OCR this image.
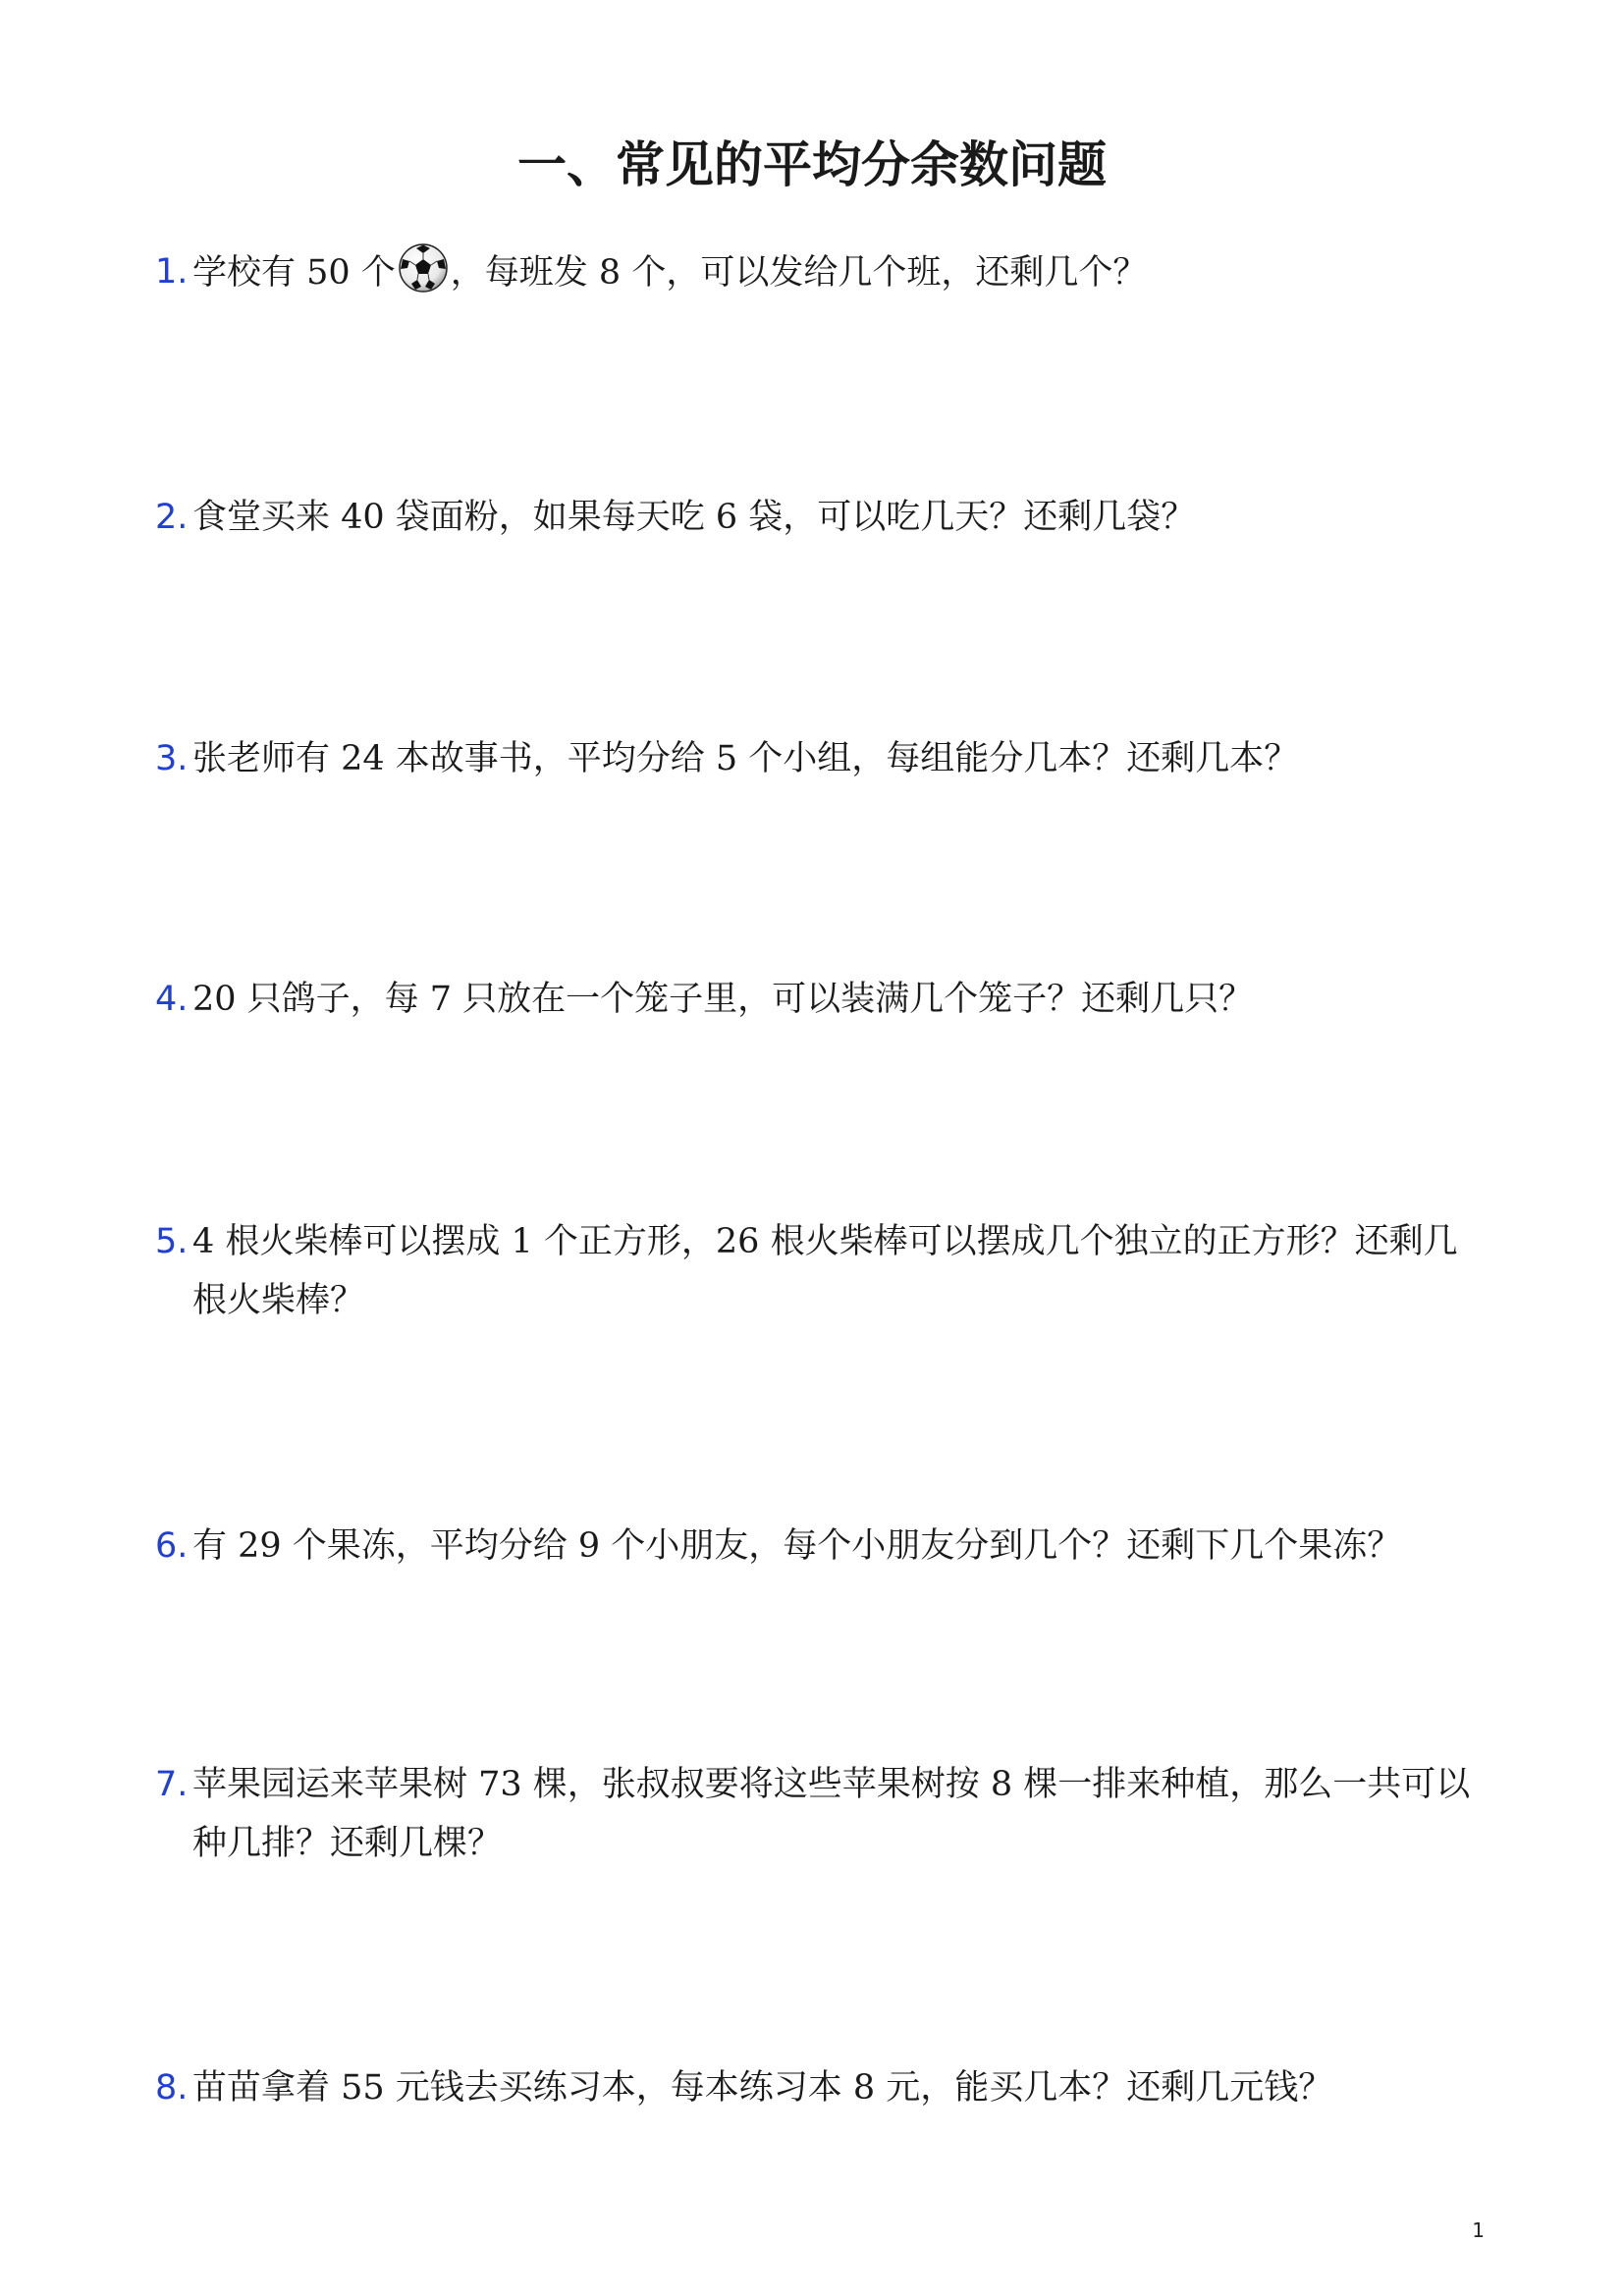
一、常见的平均分余数问题
1. 学校有 50 个 ，每班发 8 个，可以发给几个班，还剩几个？
2. 食堂买来 40 袋面粉，如果每天吃 6 袋，可以吃几天？还剩几袋？
3. 张老师有 24 本故事书，平均分给 5 个小组，每组能分几本？还剩几本？
4. 20 只鸽子，每 7 只放在一个笼子里，可以装满几个笼子？还剩几只？
5. 4 根火柴棒可以摆成 1 个正方形，26 根火柴棒可以摆成几个独立的正方形？还剩几根火柴棒？
6. 有 29 个果冻，平均分给 9 个小朋友，每个小朋友分到几个？还剩下几个果冻？
7. 苹果园运来苹果树 73 棵，张叔叔要将这些苹果树按 8 棵一排来种植，那么一共可以种几排？还剩几棵？
8. 苗苗拿着 55 元钱去买练习本，每本练习本 8 元，能买几本？还剩几元钱？
1
